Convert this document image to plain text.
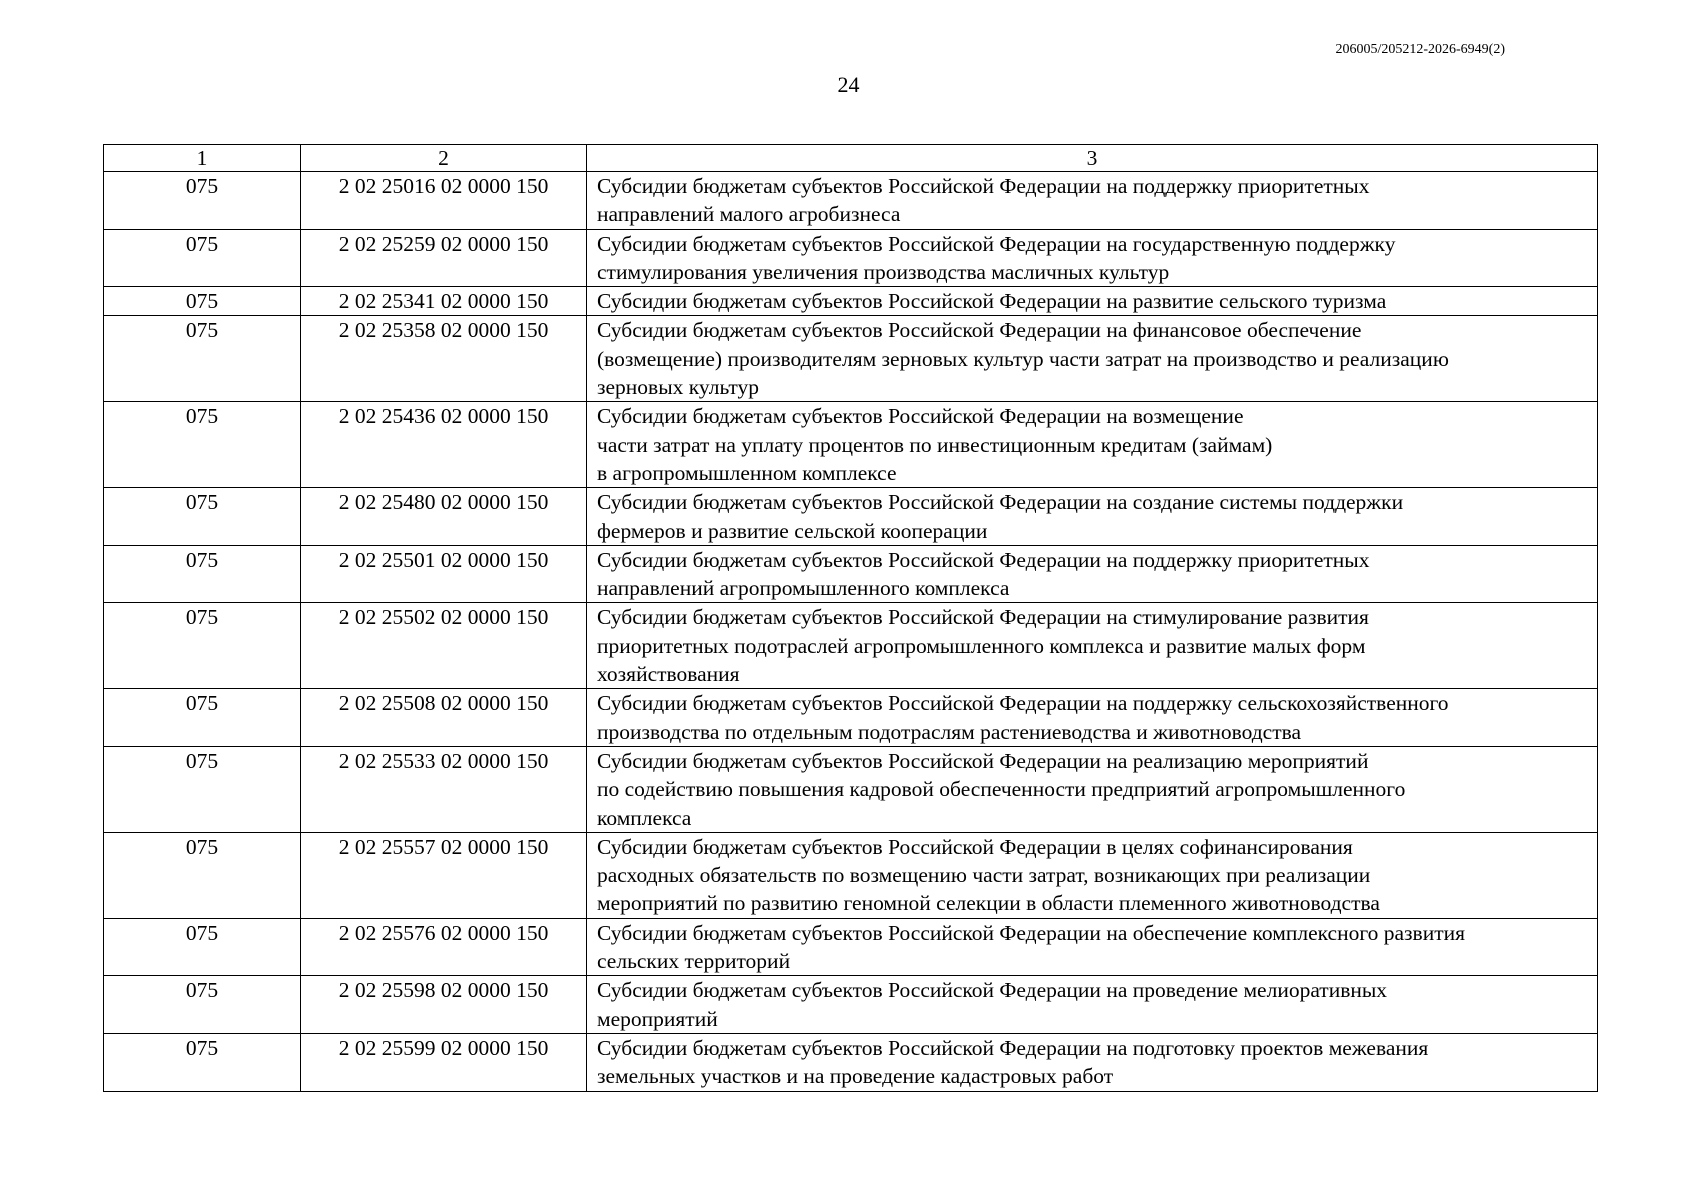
206005/205212-2026-6949(2)
24
1	2	3
075	2 02 25016 02 0000 150	Субсидии бюджетам субъектов Российской Федерации на поддержку приоритетных
направлений малого агробизнеса

075	2 02 25259 02 0000 150	Субсидии бюджетам субъектов Российской Федерации на государственную поддержку
стимулирования увеличения производства масличных культур

075	2 02 25341 02 0000 150	Субсидии бюджетам субъектов Российской Федерации на развитие сельского туризма

075	2 02 25358 02 0000 150	Субсидии бюджетам субъектов Российской Федерации на финансовое обеспечение
(возмещение) производителям зерновых культур части затрат на производство и реализацию
зерновых культур

075	2 02 25436 02 0000 150	Субсидии бюджетам субъектов Российской Федерации на возмещение
части затрат на уплату процентов по инвестиционным кредитам (займам)
в агропромышленном комплексе

075	2 02 25480 02 0000 150	Субсидии бюджетам субъектов Российской Федерации на создание системы поддержки
фермеров и развитие сельской кооперации

075	2 02 25501 02 0000 150	Субсидии бюджетам субъектов Российской Федерации на поддержку приоритетных
направлений агропромышленного комплекса

075	2 02 25502 02 0000 150	Субсидии бюджетам субъектов Российской Федерации на стимулирование развития
приоритетных подотраслей агропромышленного комплекса и развитие малых форм
хозяйствования

075	2 02 25508 02 0000 150	Субсидии бюджетам субъектов Российской Федерации на поддержку сельскохозяйственного
производства по отдельным подотраслям растениеводства и животноводства

075	2 02 25533 02 0000 150	Субсидии бюджетам субъектов Российской Федерации на реализацию мероприятий
по содействию повышения кадровой обеспеченности предприятий агропромышленного
комплекса

075	2 02 25557 02 0000 150	Субсидии бюджетам субъектов Российской Федерации в целях софинансирования
расходных обязательств по возмещению части затрат, возникающих при реализации
мероприятий по развитию геномной селекции в области племенного животноводства

075	2 02 25576 02 0000 150	Субсидии бюджетам субъектов Российской Федерации на обеспечение комплексного развития
сельских территорий

075	2 02 25598 02 0000 150	Субсидии бюджетам субъектов Российской Федерации на проведение мелиоративных
мероприятий

075	2 02 25599 02 0000 150	Субсидии бюджетам субъектов Российской Федерации на подготовку проектов межевания
земельных участков и на проведение кадастровых работ
